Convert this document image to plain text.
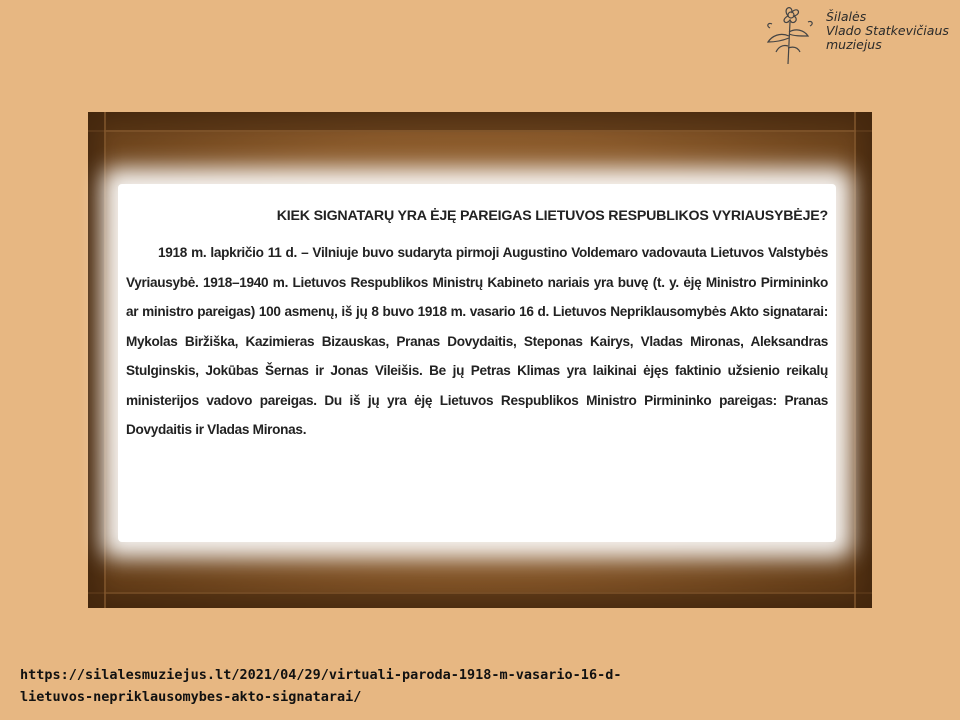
Šilalės
Vlado Statkevičiaus
muziejus
KIEK SIGNATARŲ YRA ĖJĘ PAREIGAS LIETUVOS RESPUBLIKOS VYRIAUSYBĖJE?
1918 m. lapkričio 11 d. – Vilniuje buvo sudaryta pirmoji Augustino Voldemaro vadovauta Lietuvos Valstybės Vyriausybė. 1918–1940 m. Lietuvos Respublikos Ministrų Kabineto nariais yra buvę (t. y. ėję Ministro Pirmininko ar ministro pareigas) 100 asmenų, iš jų 8 buvo 1918 m. vasario 16 d. Lietuvos Nepriklausomybės Akto signatarai: Mykolas Biržiška, Kazimieras Bizauskas, Pranas Dovydaitis, Steponas Kairys, Vladas Mironas, Aleksandras Stulginskis, Jokūbas Šernas ir Jonas Vileišis. Be jų Petras Klimas yra laikinai ėjęs faktinio užsienio reikalų ministerijos vadovo pareigas. Du iš jų yra ėję Lietuvos Respublikos Ministro Pirmininko pareigas: Pranas Dovydaitis ir Vladas Mironas.
https://silalesmuziejus.lt/2021/04/29/virtuali-paroda-1918-m-vasario-16-d-
lietuvos-nepriklausomybes-akto-signatarai/
